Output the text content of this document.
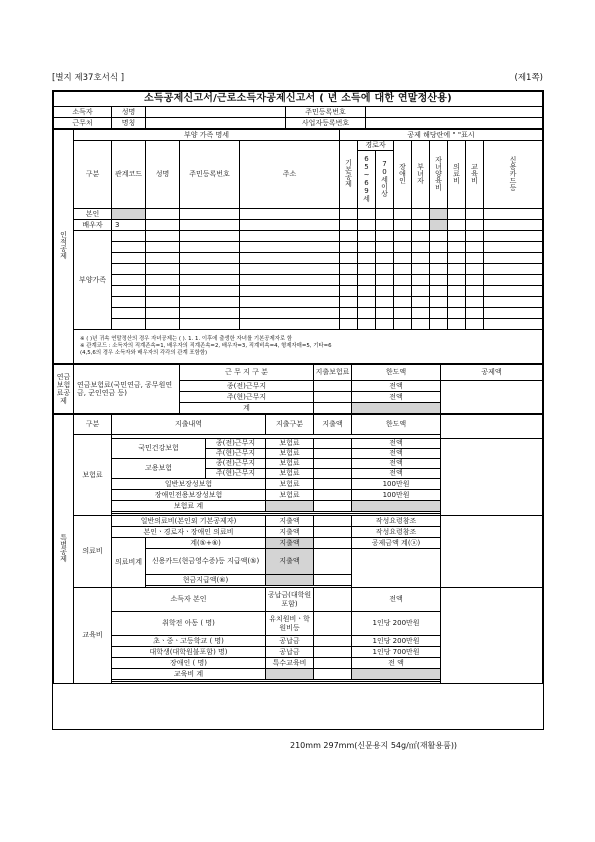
[별지 제37호서식 ]	(제1쪽)
소득공제신고서/근로소득자공제신고서 ( 년 소득에 대한 연말정산용)				
소득자	성명		주민등록번호	
근무처	명칭		사업자등록번호	
인적공제	부양 가족 명세					공제 해당란에 " "표시								
	구분	관계코드	성명	주민등록번호	주소	기본공제	경로자		장애인	부녀자	자녀양육비	의료비	교육비	신용카드등
							65~69세	70세이상						
	본인													
	배우자	3												
	부양가족													

	※ ( )년 귀속 연말정산의 경우 자녀공제는 ( ). 1. 1. 이후에 출생한 자녀를 기본공제자로 함
※ 관계코드 : 소득자의 직계존속=1, 배우자의 직계존속=2, 배우자=3, 직계비속=4, 형제자매=5, 기타=6
(4,5,6의 경우 소득자와 배우자의 각각의 관계 포함함)													
연금보험료공제	연금보험료(국민연금, 공무원연금, 군인연금 등)	근 무 지 구 분	지출보험료	한도액	공제액
		종(전)근무지		전액	
		주(현)근무지		전액	
		계			
특별공제	구분	지출내역			지출구분	지출액	한도액	
	보험료							
		국민건강보험		종(전)근무지	보험료		전액	
				주(현)근무지	보험료		전액	
		고용보험		종(전)근무지	보험료		전액	
				주(현)근무지	보험료		전액	
		일반보장성보험			보험료		100만원	
		장애인전용보장성보험			보험료		100만원	
		보험료 계						

	의료비	일반의료비(본인외 기본공제자)			지출액		작성요령참조	
		본인ㆍ경로자ㆍ장애인 의료비			지출액		작성요령참조	
		의료비계	계(⑤+⑥)		지출액		공제금액 계(ⓐ)	
			신용카드(현금영수증)등 지급액(⑤)		지출액			
			현금지급액(⑥)					

	교육비	소득자 본인			공납금(대학원포함)		전액	
		취학전 아동 ( 명)			유치원비ㆍ학원비등		1인당 200만원	
		초ㆍ중ㆍ고등학교 ( 명)			공납금		1인당 200만원	
		대학생(대학원불포함) 명)			공납금		1인당 700만원	
		장애인 ( 명)			특수교육비		전 액	
		교육비 계						

210mm 297mm(신문용지 54g/㎡(재활용품))
